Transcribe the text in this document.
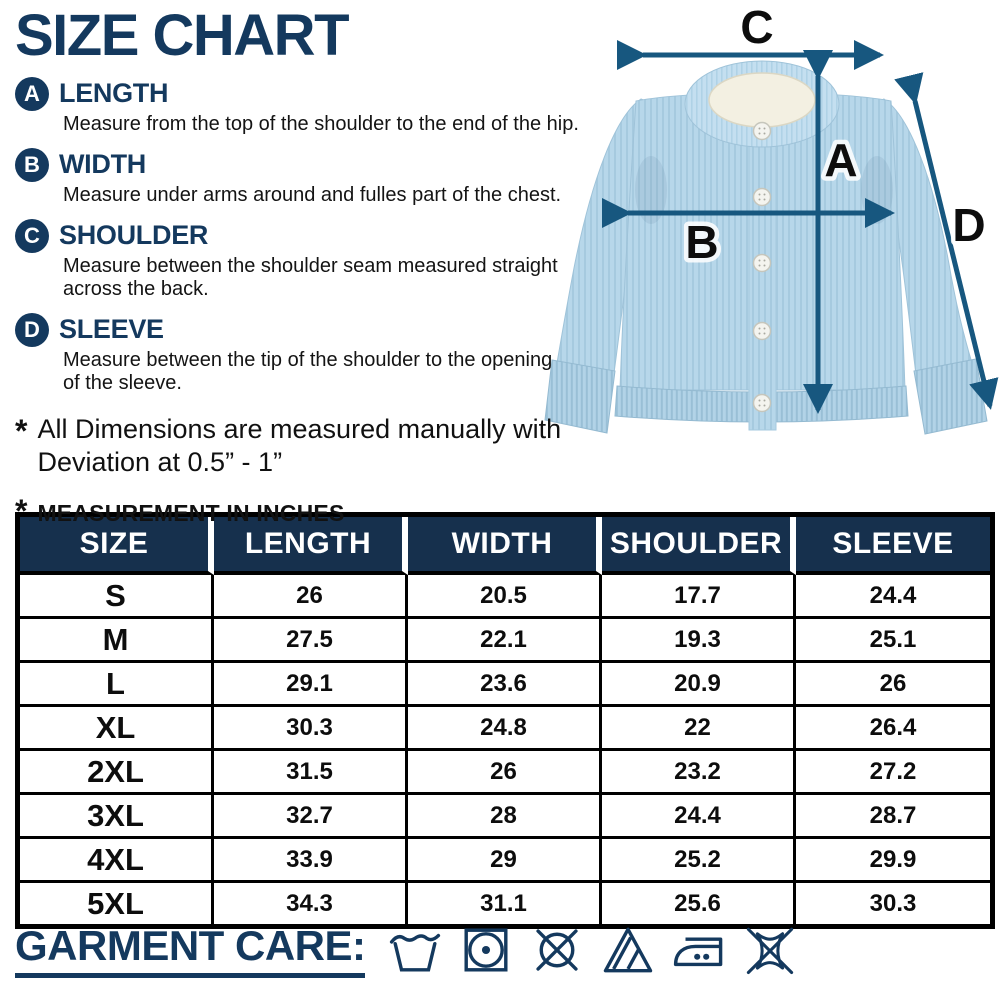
SIZE CHART
A LENGTH
Measure from the top of the shoulder to the end of the hip.
B WIDTH
Measure under arms around and fulles part of the chest.
C SHOULDER
Measure between the shoulder seam measured straight across the back.
D SLEEVE
Measure between the tip of the shoulder to the opening of the sleeve.
* All Dimensions are measured manually with
Deviation at 0.5” - 1”
* MEASUREMENT IN INCHES
C
A
B	D
SIZE	LENGTH	WIDTH	SHOULDER	SLEEVE
S	26	20.5	17.7	24.4
M	27.5	22.1	19.3	25.1
L	29.1	23.6	20.9	26
XL	30.3	24.8	22	26.4
2XL	31.5	26	23.2	27.2
3XL	32.7	28	24.4	28.7
4XL	33.9	29	25.2	29.9
5XL	34.3	31.1	25.6	30.3
GARMENT CARE:
